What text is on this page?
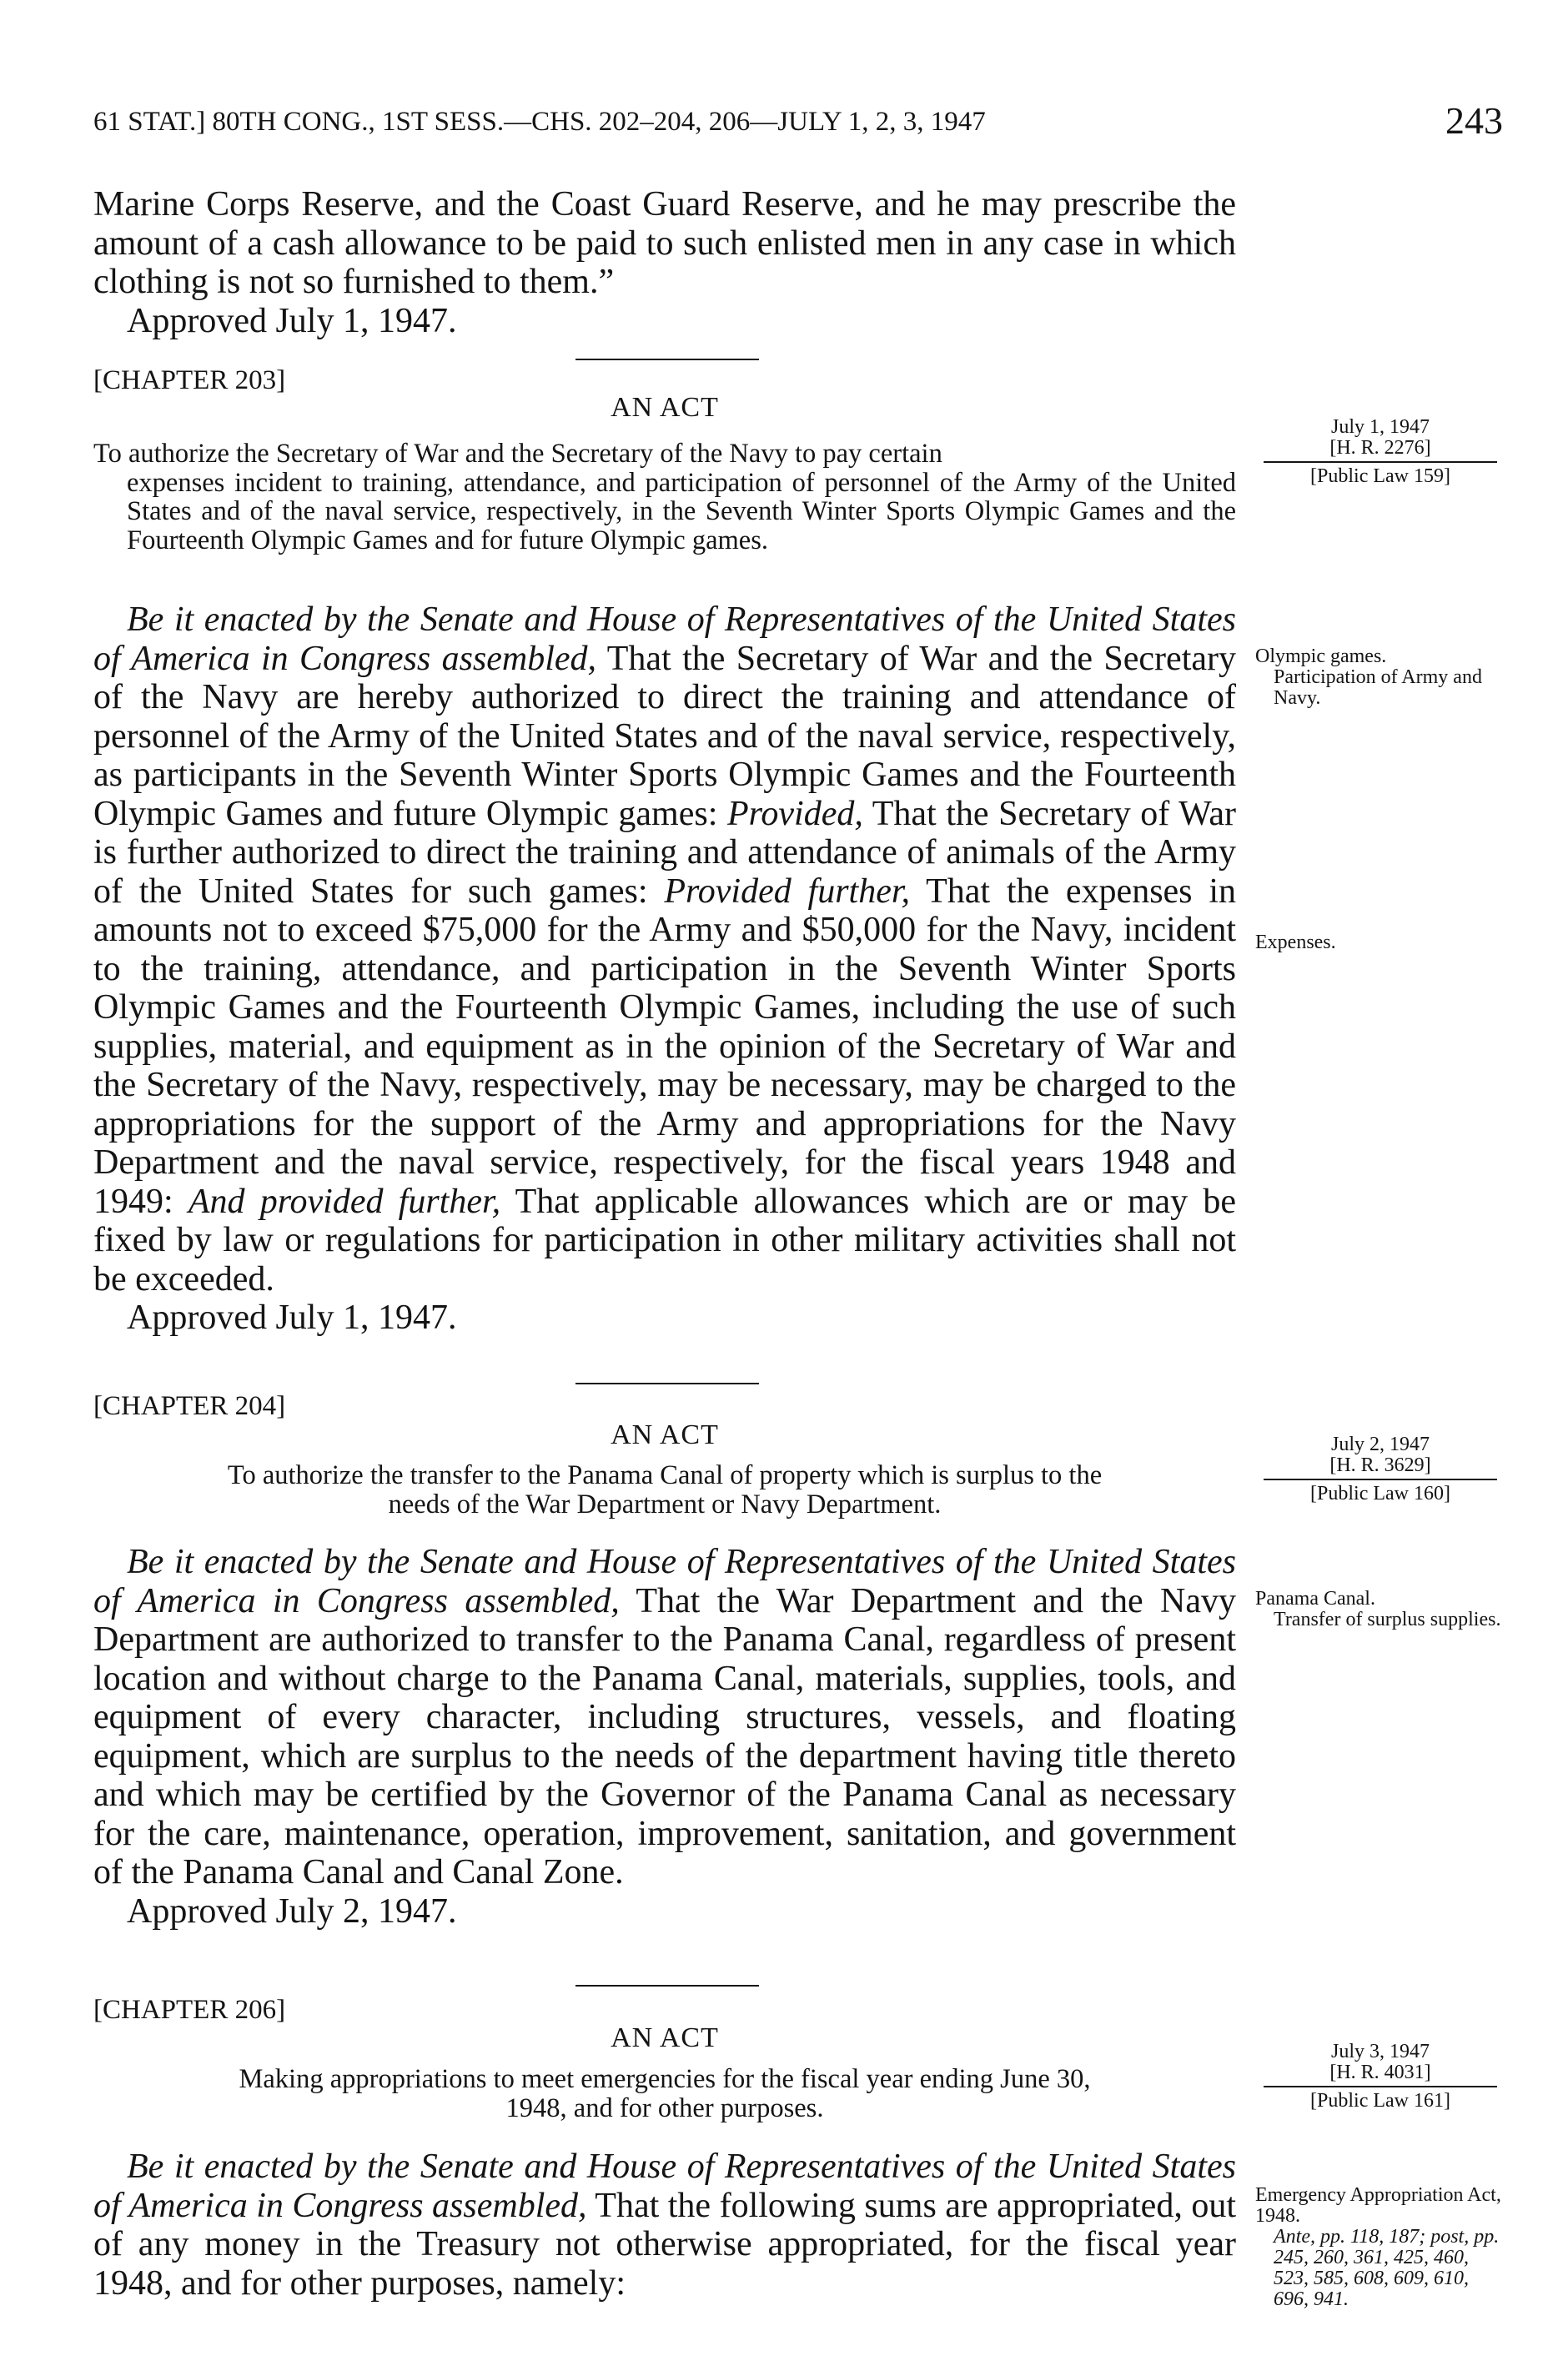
61 STAT.] 80TH CONG., 1ST SESS.—CHS. 202–204, 206—JULY 1, 2, 3, 1947	243
Marine Corps Reserve, and the Coast Guard Reserve, and he may prescribe the amount of a cash allowance to be paid to such enlisted men in any case in which clothing is not so furnished to them.”
Approved July 1, 1947.
[CHAPTER 203]
AN ACT
To authorize the Secretary of War and the Secretary of the Navy to pay certain
expenses incident to training, attendance, and participation of personnel of the Army of the United States and of the naval service, respectively, in the Seventh Winter Sports Olympic Games and the Fourteenth Olympic Games and for future Olympic games.
July 1, 1947
[H. R. 2276]
[Public Law 159]
Be it enacted by the Senate and House of Representatives of the United States of America in Congress assembled, That the Secretary of War and the Secretary of the Navy are hereby authorized to direct the training and attendance of personnel of the Army of the United States and of the naval service, respectively, as participants in the Seventh Winter Sports Olympic Games and the Fourteenth Olympic Games and future Olympic games: Provided, That the Secretary of War is further authorized to direct the training and attendance of animals of the Army of the United States for such games: Provided further, That the expenses in amounts not to exceed $75,000 for the Army and $50,000 for the Navy, incident to the training, attendance, and participation in the Seventh Winter Sports Olympic Games and the Fourteenth Olympic Games, including the use of such supplies, material, and equipment as in the opinion of the Secretary of War and the Secretary of the Navy, respectively, may be necessary, may be charged to the appropriations for the support of the Army and appropriations for the Navy Department and the naval service, respectively, for the fiscal years 1948 and 1949: And provided further, That applicable allowances which are or may be fixed by law or regulations for participation in other military activities shall not be exceeded.
Approved July 1, 1947.
Olympic games.
Participation of Army and Navy.
Expenses.
[CHAPTER 204]
AN ACT
To authorize the transfer to the Panama Canal of property which is surplus to the
needs of the War Department or Navy Department.
July 2, 1947
[H. R. 3629]
[Public Law 160]
Be it enacted by the Senate and House of Representatives of the United States of America in Congress assembled, That the War Department and the Navy Department are authorized to transfer to the Panama Canal, regardless of present location and without charge to the Panama Canal, materials, supplies, tools, and equipment of every character, including structures, vessels, and floating equipment, which are surplus to the needs of the department having title thereto and which may be certified by the Governor of the Panama Canal as necessary for the care, maintenance, operation, improvement, sanitation, and government of the Panama Canal and Canal Zone.
Approved July 2, 1947.
Panama Canal.
Transfer of surplus supplies.
[CHAPTER 206]
AN ACT
Making appropriations to meet emergencies for the fiscal year ending June 30,
1948, and for other purposes.
July 3, 1947
[H. R. 4031]
[Public Law 161]
Be it enacted by the Senate and House of Representatives of the United States of America in Congress assembled, That the following sums are appropriated, out of any money in the Treasury not otherwise appropriated, for the fiscal year 1948, and for other purposes, namely:
Emergency Appropriation Act, 1948.
Ante, pp. 118, 187; post, pp. 245, 260, 361, 425, 460, 523, 585, 608, 609, 610, 696, 941.
